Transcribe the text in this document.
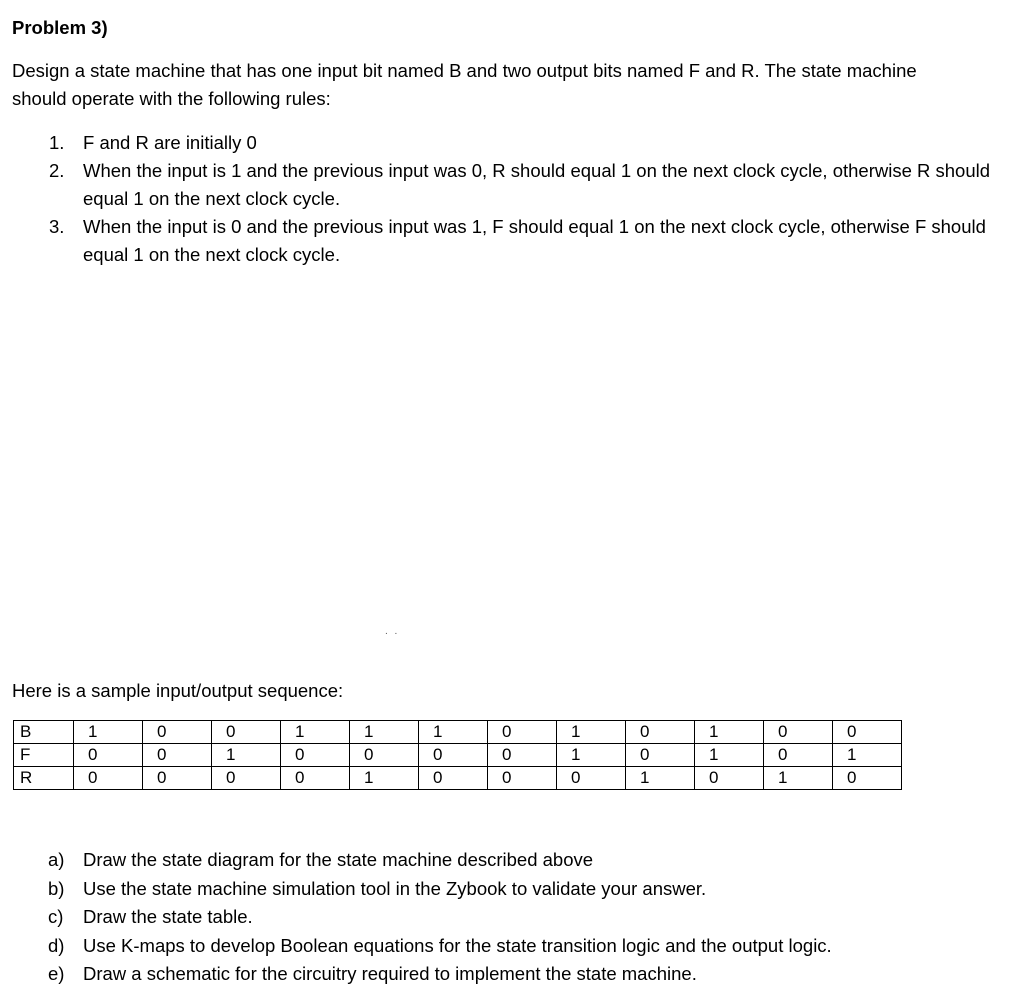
Problem 3)
Design a state machine that has one input bit named B and two output bits named F and R. The state machine should operate with the following rules:
1. F and R are initially 0
2. When the input is 1 and the previous input was 0, R should equal 1 on the next clock cycle, otherwise R should equal 1 on the next clock cycle.
3. When the input is 0 and the previous input was 1, F should equal 1 on the next clock cycle, otherwise F should equal 1 on the next clock cycle.
. .
Here is a sample input/output sequence:
B	1	0	0	1	1	1	0	1	0	1	0	0
F	0	0	1	0	0	0	0	1	0	1	0	1
R	0	0	0	0	1	0	0	0	1	0	1	0
a) Draw the state diagram for the state machine described above
b) Use the state machine simulation tool in the Zybook to validate your answer.
c) Draw the state table.
d) Use K-maps to develop Boolean equations for the state transition logic and the output logic.
e) Draw a schematic for the circuitry required to implement the state machine.
